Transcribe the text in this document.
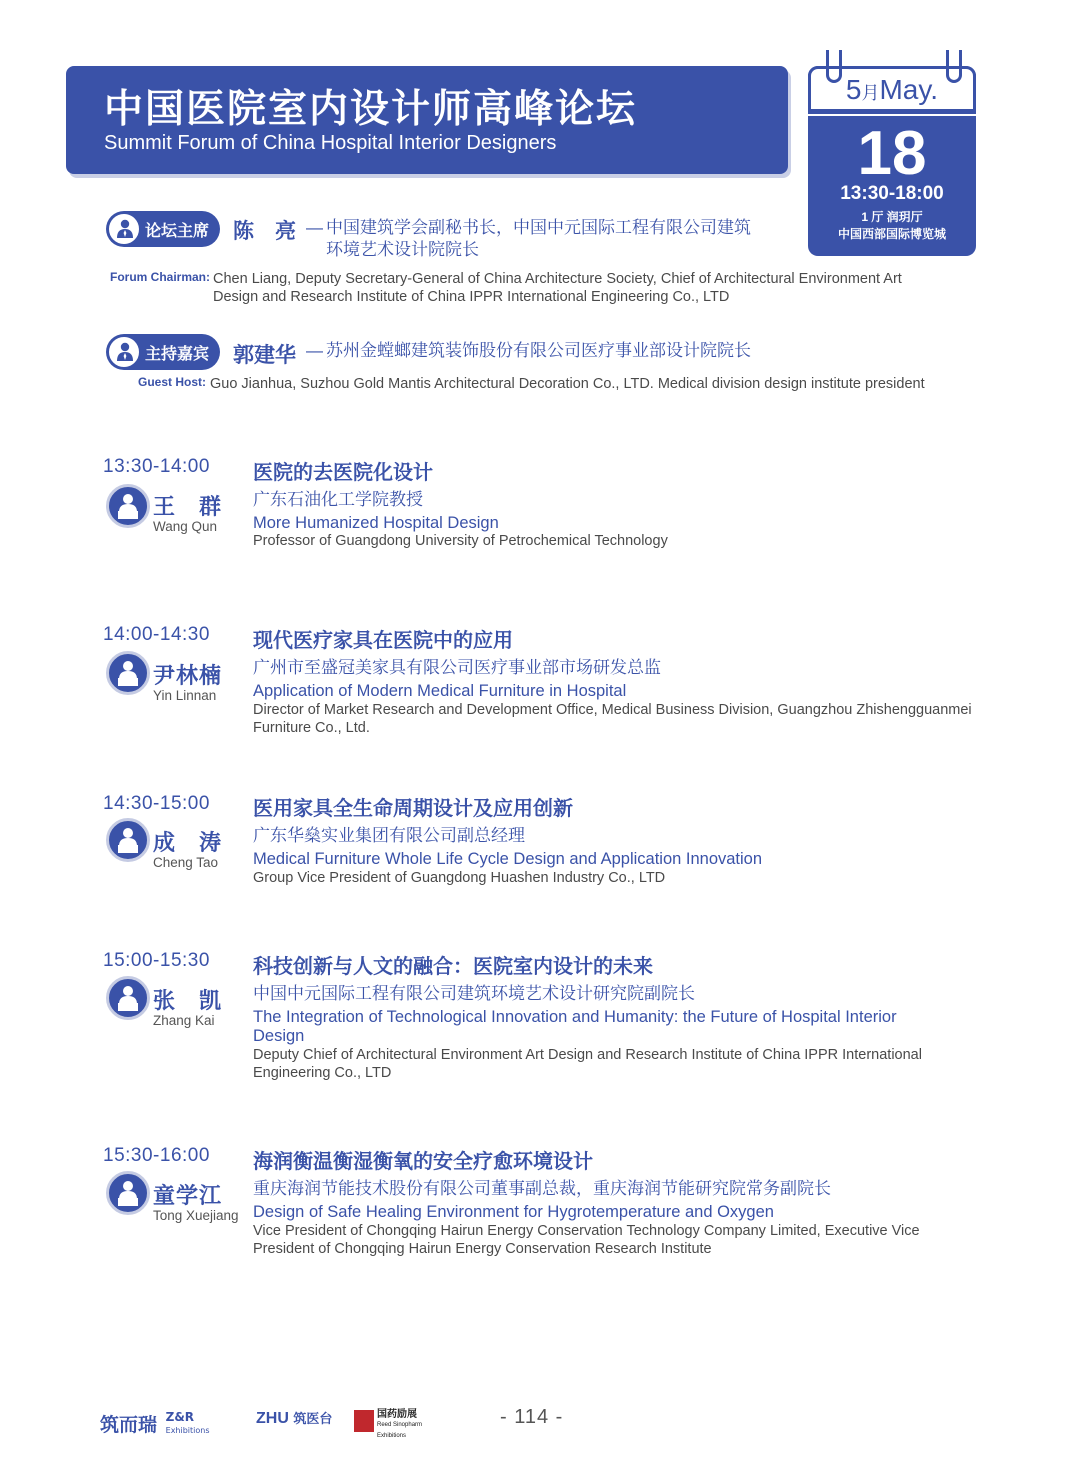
中国医院室内设计师高峰论坛
Summit Forum of China Hospital Interior Designers
5月May.
18
13:30-18:00
1 厅 润玥厅
中国西部国际博览城
论坛主席 陈　亮 — 中国建筑学会副秘书长，中国中元国际工程有限公司建筑
环境艺术设计院院长
Forum Chairman: Chen Liang, Deputy Secretary-General of China Architecture Society, Chief of Architectural Environment Art
Design and Research Institute of China IPPR International Engineering Co., LTD
主持嘉宾 郭建华 — 苏州金螳螂建筑装饰股份有限公司医疗事业部设计院院长
Guest Host: Guo Jianhua, Suzhou Gold Mantis Architectural Decoration Co., LTD. Medical division design institute president
13:30-14:00
王　群
Wang Qun
医院的去医院化设计
广东石油化工学院教授
More Humanized Hospital Design
Professor of Guangdong University of Petrochemical Technology
14:00-14:30
尹林楠
Yin Linnan
现代医疗家具在医院中的应用
广州市至盛冠美家具有限公司医疗事业部市场研发总监
Application of Modern Medical Furniture in Hospital
Director of Market Research and Development Office, Medical Business Division, Guangzhou Zhishengguanmei
Furniture Co., Ltd.
14:30-15:00
成　涛
Cheng Tao
医用家具全生命周期设计及应用创新
广东华燊实业集团有限公司副总经理
Medical Furniture Whole Life Cycle Design and Application Innovation
Group Vice President of Guangdong Huashen Industry Co., LTD
15:00-15:30
张　凯
Zhang Kai
科技创新与人文的融合：医院室内设计的未来
中国中元国际工程有限公司建筑环境艺术设计研究院副院长
The Integration of Technological Innovation and Humanity: the Future of Hospital Interior
Design
Deputy Chief of Architectural Environment Art Design and Research Institute of China IPPR International
Engineering Co., LTD
15:30-16:00
童学江
Tong Xuejiang
海润衡温衡湿衡氧的安全疗愈环境设计
重庆海润节能技术股份有限公司董事副总裁，重庆海润节能研究院常务副院长
Design of Safe Healing Environment for Hygrotemperature and Oxygen
Vice President of Chongqing Hairun Energy Conservation Technology Company Limited, Executive Vice
President of Chongqing Hairun Energy Conservation Research Institute
筑而瑞 Z&R
Exhibitions
ZHU 筑医台	国药励展
Reed Sinopharm Exhibitions
- 114 -
